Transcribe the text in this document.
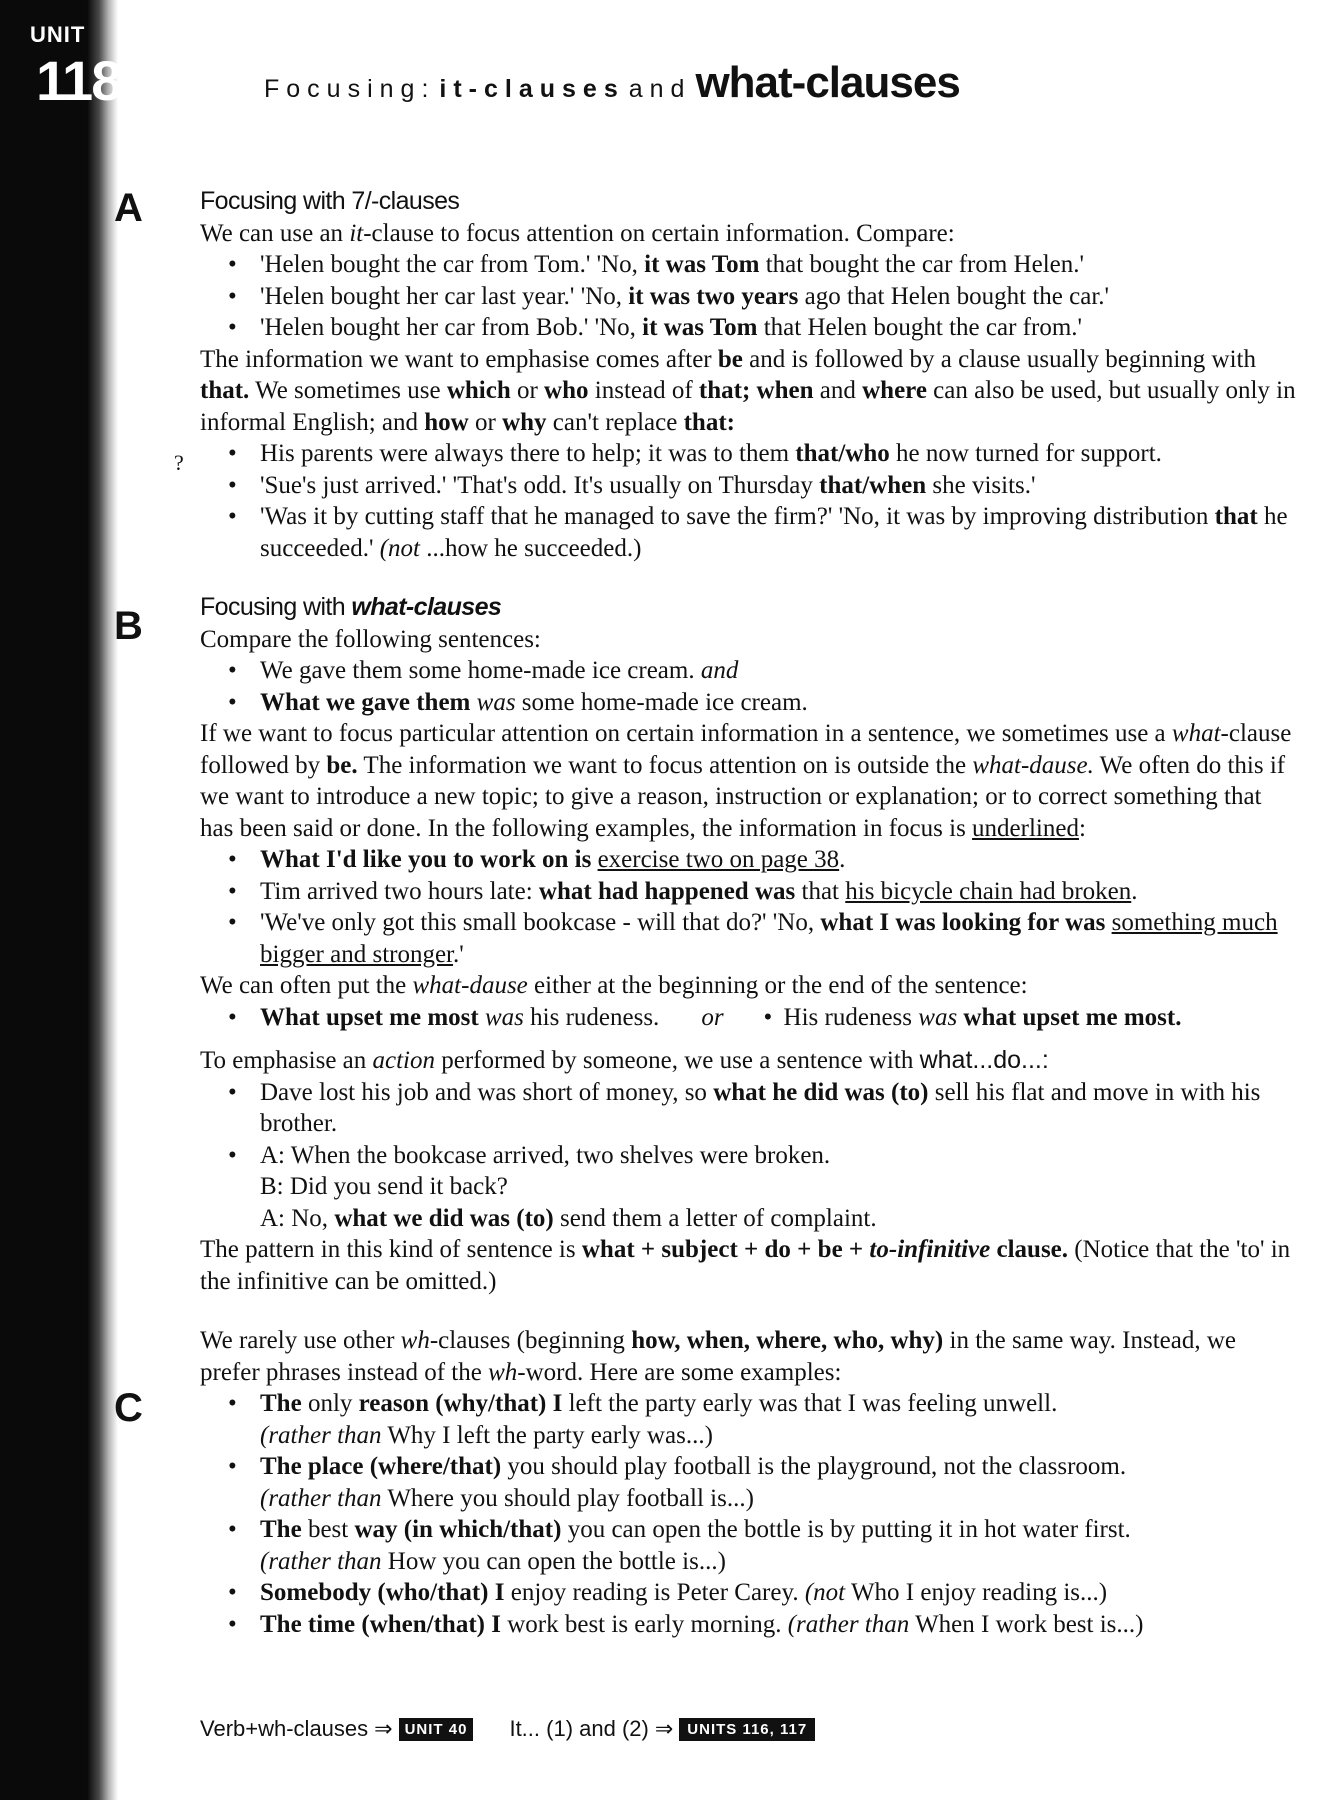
UNIT
118	Focusing: it-clauses and what-clauses
A
B
C
?

Focusing with 7/-clauses

We can use an it-clause to focus attention on certain information. Compare:

• 'Helen bought the car from Tom.' 'No, it was Tom that bought the car from Helen.'
• 'Helen bought her car last year.' 'No, it was two years ago that Helen bought the car.'
• 'Helen bought her car from Bob.' 'No, it was Tom that Helen bought the car from.'

The information we want to emphasise comes after be and is followed by a clause usually beginning with that. We sometimes use which or who instead of that; when and where can also be used, but usually only in informal English; and how or why can't replace that:

• His parents were always there to help; it was to them that/who he now turned for support.
• 'Sue's just arrived.' 'That's odd. It's usually on Thursday that/when she visits.'
• 'Was it by cutting staff that he managed to save the firm?' 'No, it was by improving distribution that he succeeded.' (not ...how he succeeded.)

Focusing with what-clauses

Compare the following sentences:

• We gave them some home-made ice cream. and
• What we gave them was some home-made ice cream.

If we want to focus particular attention on certain information in a sentence, we sometimes use a what-clause followed by be. The information we want to focus attention on is outside the what-dause. We often do this if we want to introduce a new topic; to give a reason, instruction or explanation; or to correct something that has been said or done. In the following examples, the information in focus is underlined:

• What I'd like you to work on is exercise two on page 38.
• Tim arrived two hours late: what had happened was that his bicycle chain had broken.
• 'We've only got this small bookcase - will that do?' 'No, what I was looking for was something much bigger and stronger.'

We can often put the what-dause either at the beginning or the end of the sentence:

• What upset me most was his rudeness. or • His rudeness was what upset me most.

To emphasise an action performed by someone, we use a sentence with what...do...:

• Dave lost his job and was short of money, so what he did was (to) sell his flat and move in with his brother.
• A: When the bookcase arrived, two shelves were broken.

B: Did you send it back?

A: No, what we did was (to) send them a letter of complaint.

The pattern in this kind of sentence is what + subject + do + be + to-infinitive clause. (Notice that the 'to' in the infinitive can be omitted.)

We rarely use other wh-clauses (beginning how, when, where, who, why) in the same way. Instead, we prefer phrases instead of the wh-word. Here are some examples:

• The only reason (why/that) I left the party early was that I was feeling unwell.
(rather than Why I left the party early was...)
• The place (where/that) you should play football is the playground, not the classroom.
(rather than Where you should play football is...)
• The best way (in which/that) you can open the bottle is by putting it in hot water first.
(rather than How you can open the bottle is...)
• Somebody (who/that) I enjoy reading is Peter Carey. (not Who I enjoy reading is...)
• The time (when/that) I work best is early morning. (rather than When I work best is...)
Verb+wh-clauses ⇒ UNIT 40 It... (1) and (2) ⇒ UNITS 116, 117
